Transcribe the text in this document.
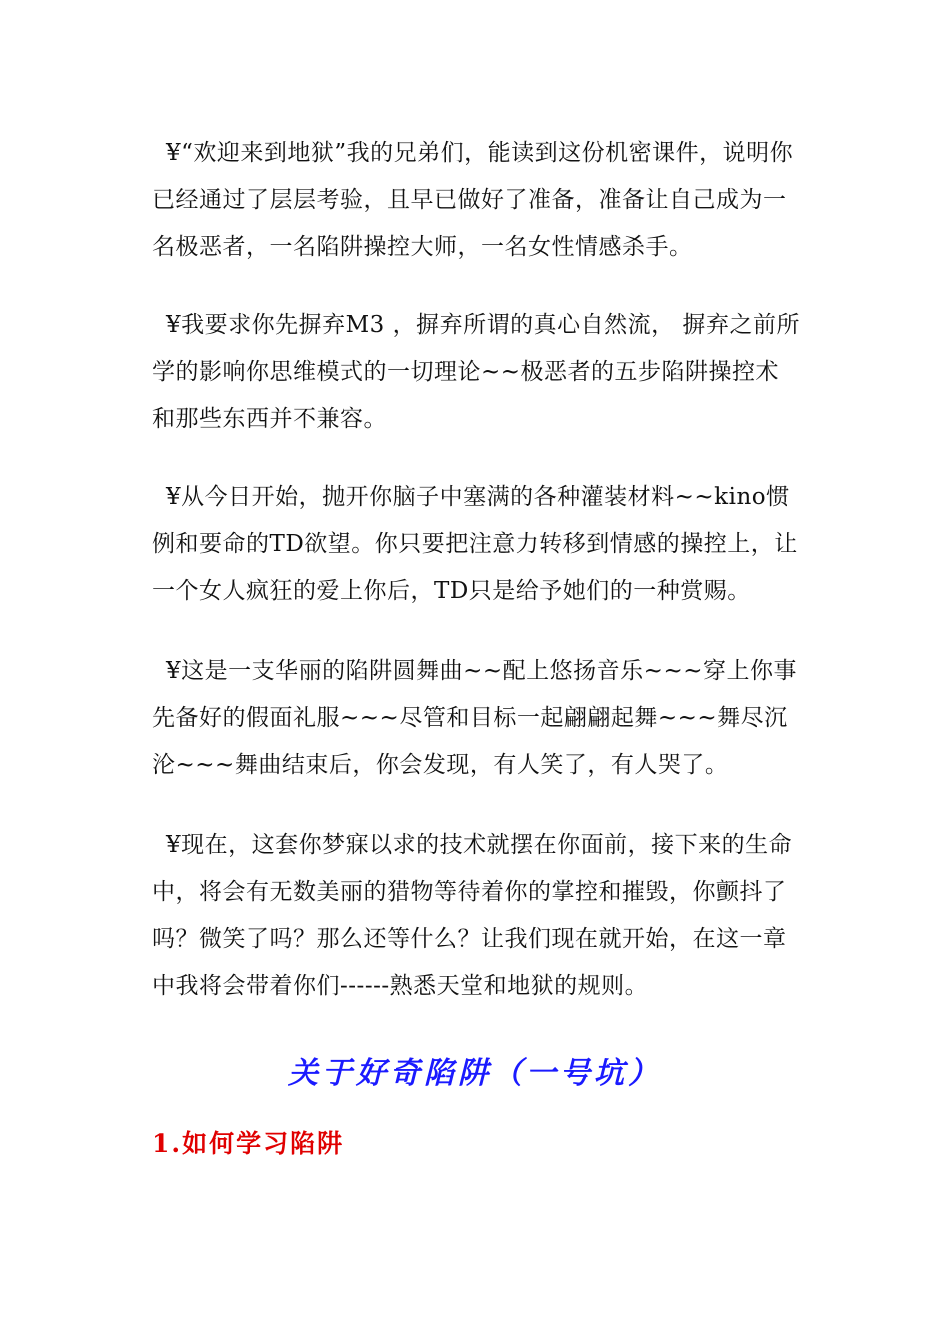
¥“欢迎来到地狱”我的兄弟们，能读到这份机密课件，说明你已经通过了层层考验，且早已做好了准备，准备让自己成为一名极恶者，一名陷阱操控大师，一名女性情感杀手。

¥我要求你先摒弃M3 ，摒弃所谓的真心自然流， 摒弃之前所学的影响你思维模式的一切理论~~极恶者的五步陷阱操控术和那些东西并不兼容。

¥从今日开始，抛开你脑子中塞满的各种灌装材料~~kino惯例和要命的TD欲望。你只要把注意力转移到情感的操控上，让一个女人疯狂的爱上你后，TD只是给予她们的一种赏赐。

¥这是一支华丽的陷阱圆舞曲~~配上悠扬音乐~~~穿上你事先备好的假面礼服~~~尽管和目标一起翩翩起舞~~~舞尽沉沦~~~舞曲结束后，你会发现，有人笑了，有人哭了。

¥现在，这套你梦寐以求的技术就摆在你面前，接下来的生命中，将会有无数美丽的猎物等待着你的掌控和摧毁，你颤抖了吗？微笑了吗？那么还等什么？让我们现在就开始，在这一章中我将会带着你们------熟悉天堂和地狱的规则。

关于好奇陷阱（一号坑）
1.如何学习陷阱
